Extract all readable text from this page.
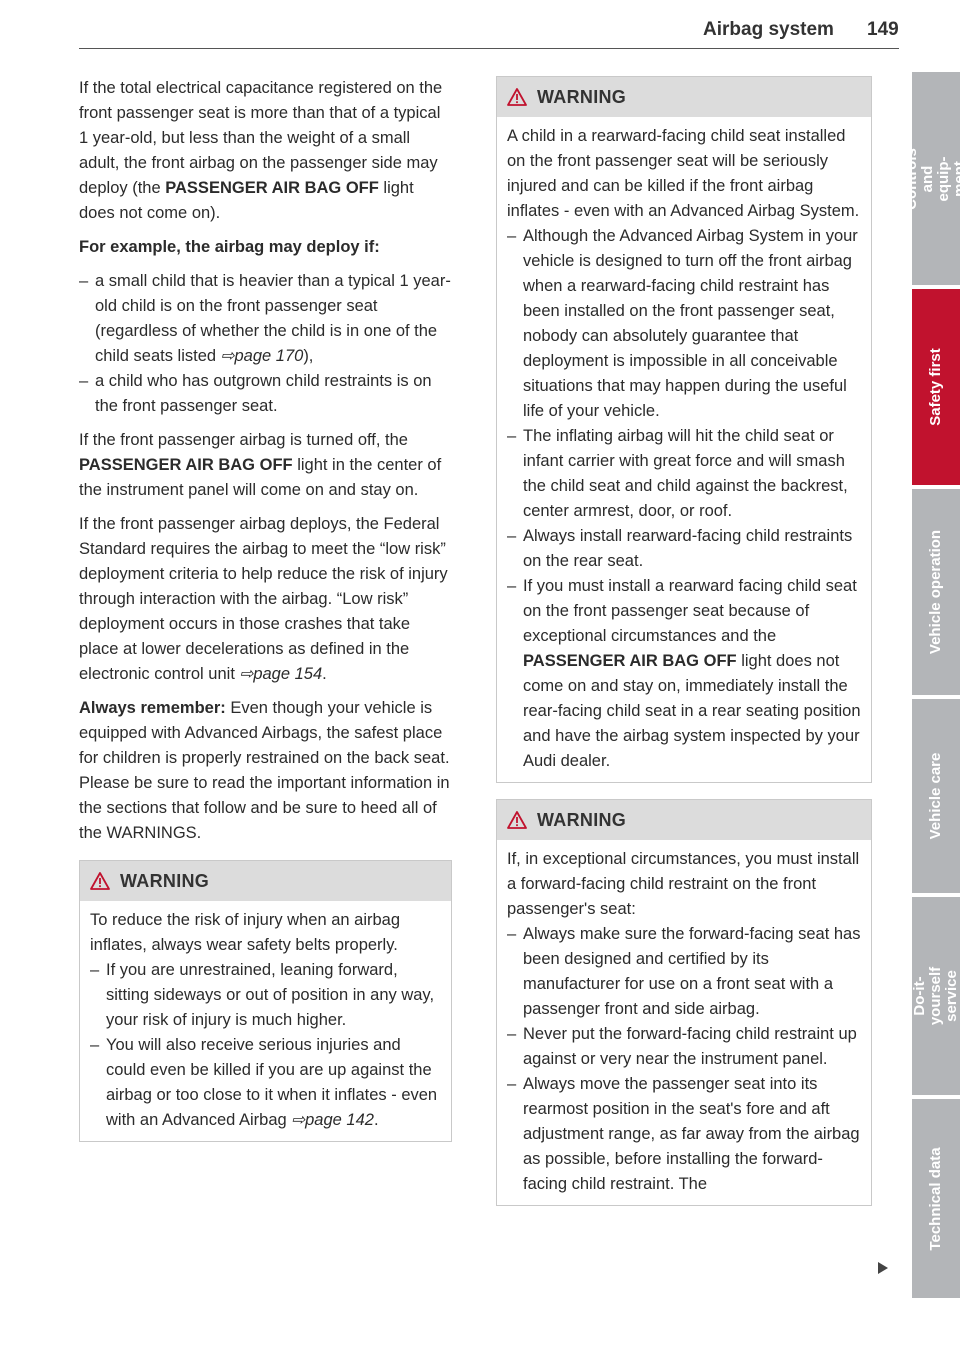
Airbag system 149

If the total electrical capacitance registered on the front passenger seat is more than that of a typical 1 year-old, but less than the weight of a small adult, the front airbag on the passenger side may deploy (the PASSENGER AIR BAG OFF light does not come on).

For example, the airbag may deploy if:

– a small child that is heavier than a typical 1 year-old child is on the front passenger seat (regardless of whether the child is in one of the child seats listed ⇨page 170),
– a child who has outgrown child restraints is on the front passenger seat.

If the front passenger airbag is turned off, the PASSENGER AIR BAG OFF light in the center of the instrument panel will come on and stay on.

If the front passenger airbag deploys, the Federal Standard requires the airbag to meet the “low risk” deployment criteria to help reduce the risk of injury through interaction with the airbag. “Low risk” deployment occurs in those crashes that take place at lower decelerations as defined in the electronic control unit ⇨page 154.

Always remember: Even though your vehicle is equipped with Advanced Airbags, the safest place for children is properly restrained on the back seat. Please be sure to read the important information in the sections that follow and be sure to heed all of the WARNINGS.

WARNING

To reduce the risk of injury when an airbag inflates, always wear safety belts properly.

– If you are unrestrained, leaning forward, sitting sideways or out of position in any way, your risk of injury is much higher.
– You will also receive serious injuries and could even be killed if you are up against the airbag or too close to it when it inflates - even with an Advanced Airbag ⇨page 142.
WARNING

A child in a rearward-facing child seat installed on the front passenger seat will be seriously injured and can be killed if the front airbag inflates - even with an Advanced Airbag System.

– Although the Advanced Airbag System in your vehicle is designed to turn off the front airbag when a rearward-facing child restraint has been installed on the front passenger seat, nobody can absolutely guarantee that deployment is impossible in all conceivable situations that may happen during the useful life of your vehicle.
– The inflating airbag will hit the child seat or infant carrier with great force and will smash the child seat and child against the backrest, center armrest, door, or roof.
– Always install rearward-facing child restraints on the rear seat.
– If you must install a rearward facing child seat on the front passenger seat because of exceptional circumstances and the PASSENGER AIR BAG OFF light does not come on and stay on, immediately install the rear-facing child seat in a rear seating position and have the airbag system inspected by your Audi dealer.
WARNING

If, in exceptional circumstances, you must install a forward-facing child restraint on the front passenger's seat:

– Always make sure the forward-facing seat has been designed and certified by its manufacturer for use on a front seat with a passenger front and side airbag.
– Never put the forward-facing child restraint up against or very near the instrument panel.
– Always move the passenger seat into its rearmost position in the seat's fore and aft adjustment range, as far away from the airbag as possible, before installing the forward-facing child restraint. The
Controls and equip-
ment
Safety first
Vehicle operation
Vehicle care
Do-it-yourself
service
Technical data
